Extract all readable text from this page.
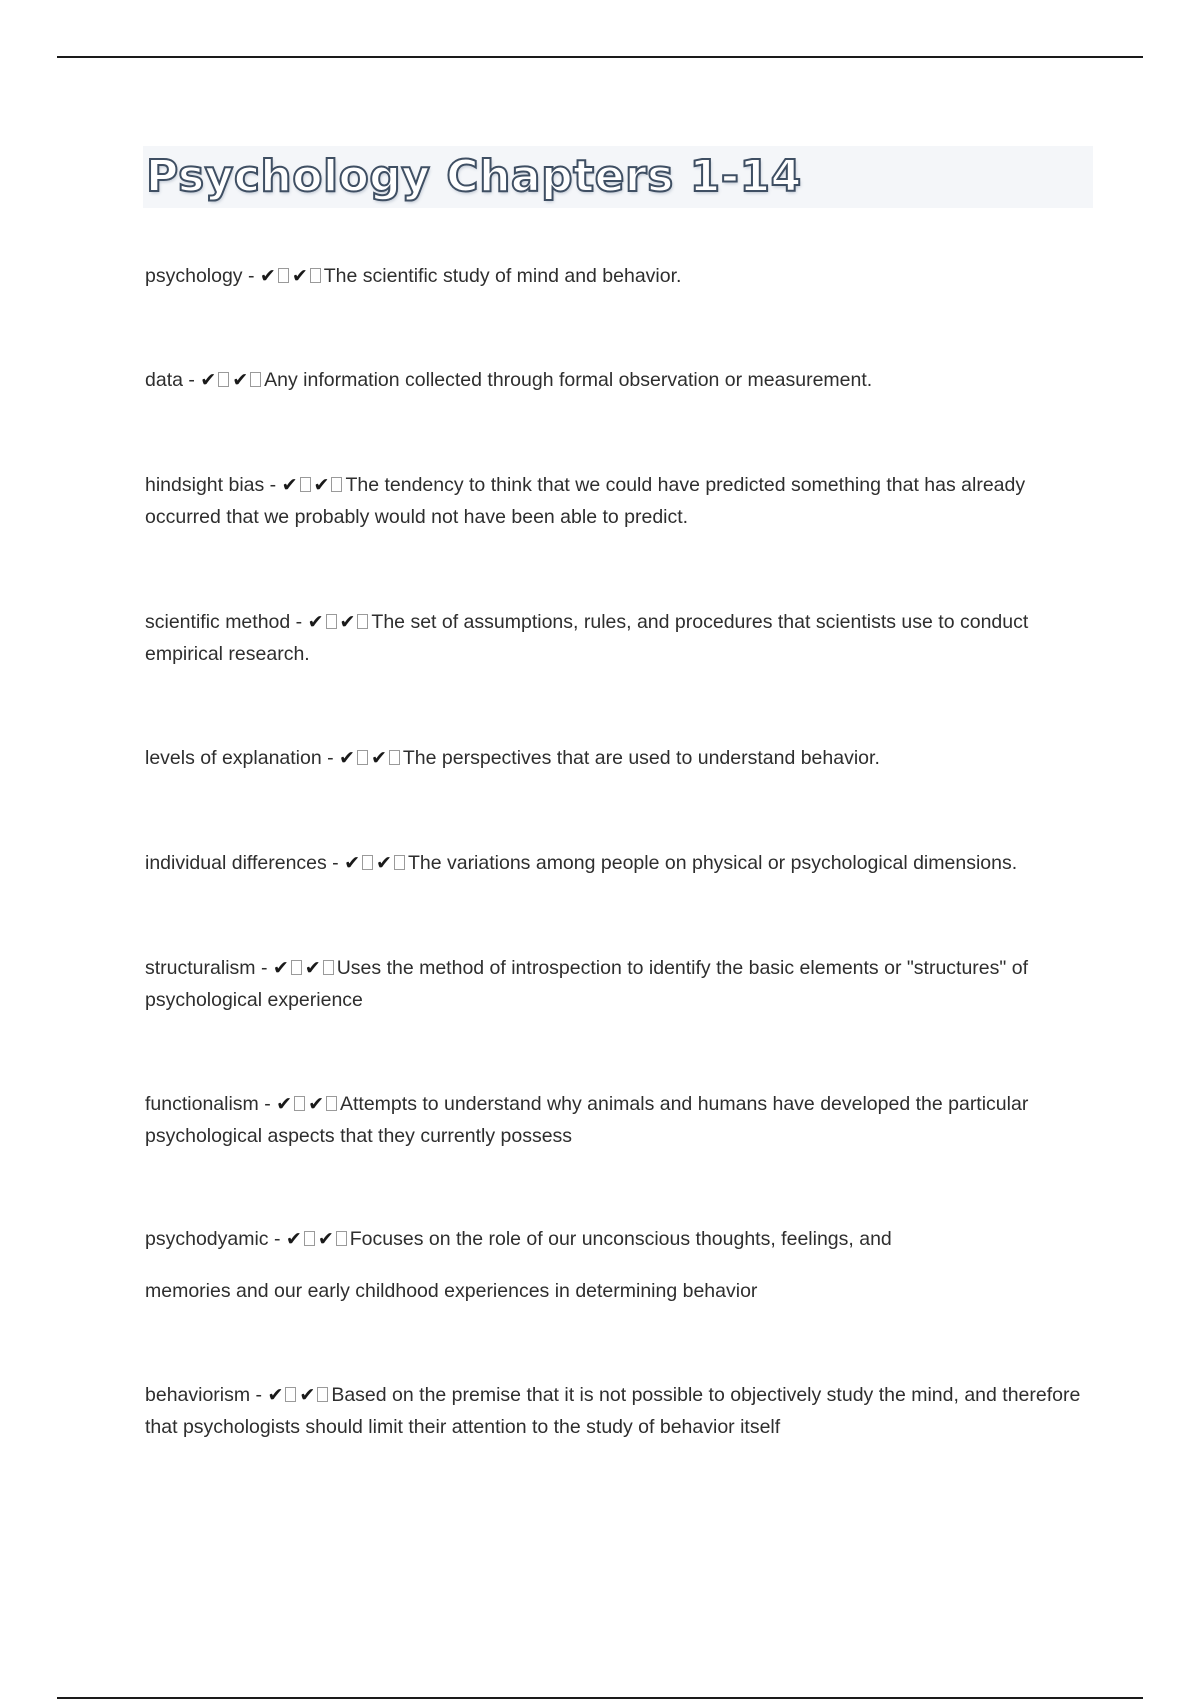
Psychology Chapters 1-14

psychology - ✔ ✔ The scientific study of mind and behavior.

data - ✔ ✔ Any information collected through formal observation or measurement.

hindsight bias - ✔ ✔ The tendency to think that we could have predicted something that has already occurred that we probably would not have been able to predict.

scientific method - ✔ ✔ The set of assumptions, rules, and procedures that scientists use to conduct empirical research.

levels of explanation - ✔ ✔ The perspectives that are used to understand behavior.

individual differences - ✔ ✔ The variations among people on physical or psychological dimensions.

structuralism - ✔ ✔ Uses the method of introspection to identify the basic elements or "structures" of psychological experience

functionalism - ✔ ✔ Attempts to understand why animals and humans have developed the particular psychological aspects that they currently possess

psychodyamic - ✔ ✔ Focuses on the role of our unconscious thoughts, feelings, and

memories and our early childhood experiences in determining behavior

behaviorism - ✔ ✔ Based on the premise that it is not possible to objectively study the mind, and therefore that psychologists should limit their attention to the study of behavior itself
